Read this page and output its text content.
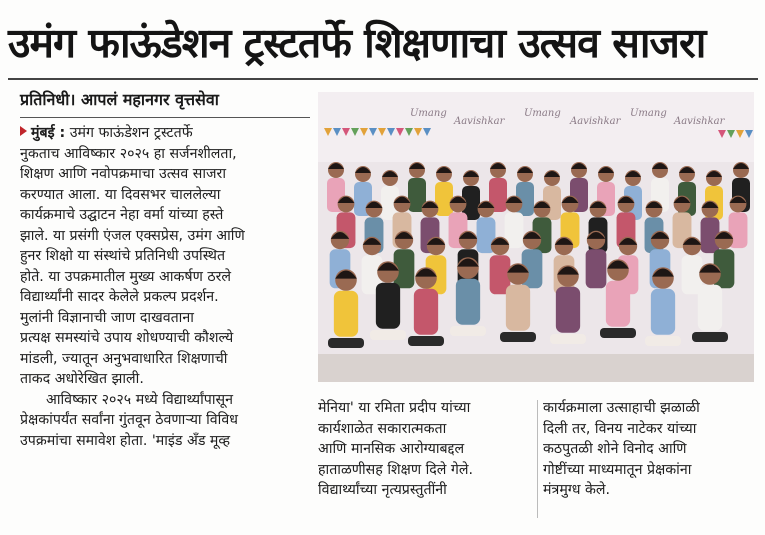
उमंग फाऊंडेशन ट्रस्टतर्फे शिक्षणाचा उत्सव साजरा
प्रतिनिधी। आपलं महानगर वृत्तसेवा

मुंबई : उमंग फाऊंडेशन ट्रस्टतर्फे

नुकताच आविष्कार २०२५ हा सर्जनशीलता,

शिक्षण आणि नवोपक्रमाचा उत्सव साजरा

करण्यात आला. या दिवसभर चाललेल्या

कार्यक्रमाचे उद्घाटन नेहा वर्मा यांच्या हस्ते

झाले. या प्रसंगी एंजल एक्सप्रेस, उमंग आणि

हुनर शिक्षो या संस्थांचे प्रतिनिधी उपस्थित

होते. या उपक्रमातील मुख्य आकर्षण ठरले

विद्यार्थ्यांनी सादर केलेले प्रकल्प प्रदर्शन.

मुलांनी विज्ञानाची जाण दाखवताना

प्रत्यक्ष समस्यांचे उपाय शोधण्याची कौशल्ये

मांडली, ज्यातून अनुभवाधारित शिक्षणाची

ताकद अधोरेखित झाली.

आविष्कार २०२५ मध्ये विद्यार्थ्यांपासून

प्रेक्षकांपर्यंत सर्वांना गुंतवून ठेवणाऱ्या विविध

उपक्रमांचा समावेश होता. 'माइंड अँड मूव्ह

Umang
Aavishkar
Umang
Aavishkar
Umang
Aavishkar

मेनिया' या रमिता प्रदीप यांच्या

कार्यशाळेत सकारात्मकता

आणि मानसिक आरोग्याबद्दल

हाताळणीसह शिक्षण दिले गेले.

विद्यार्थ्यांच्या नृत्यप्रस्तुतींनी

कार्यक्रमाला उत्साहाची झळाळी

दिली तर, विनय नाटेकर यांच्या

कठपुतळी शोने विनोद आणि

गोष्टींच्या माध्यमातून प्रेक्षकांना

मंत्रमुग्ध केले.
